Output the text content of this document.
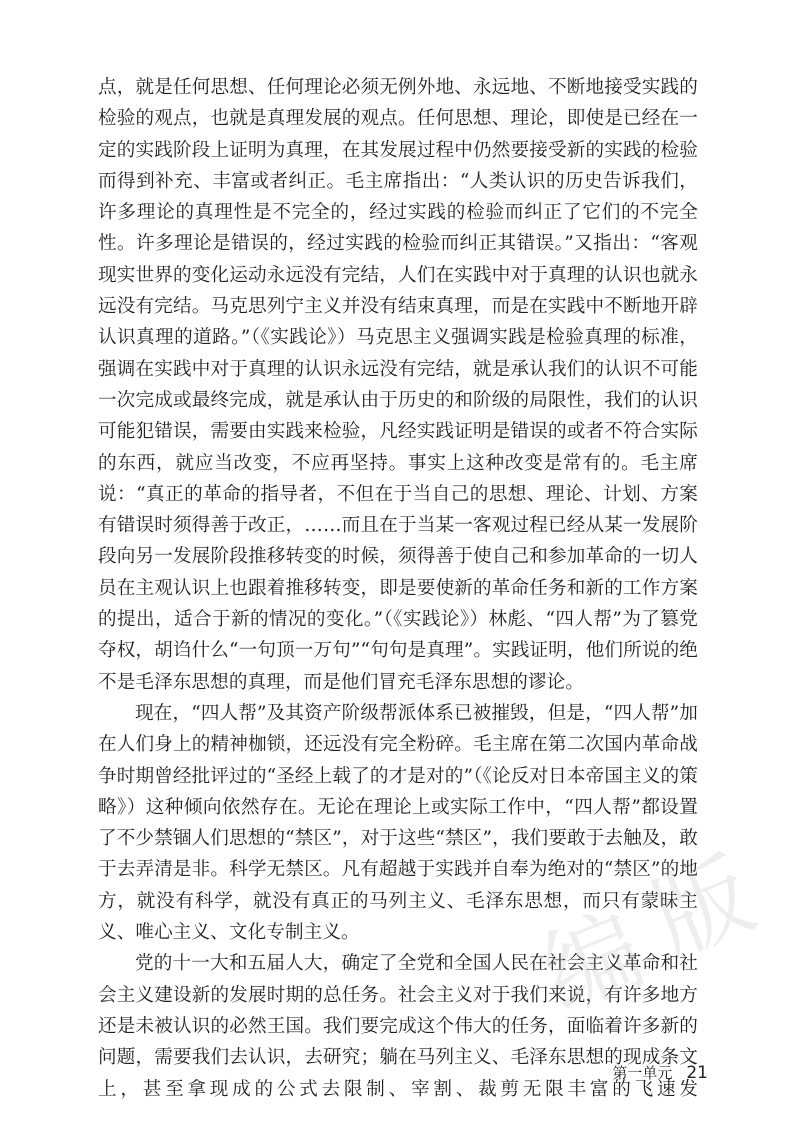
点，就是任何思想、任何理论必须无例外地、永远地、不断地接受实践的检验的观点，也就是真理发展的观点。任何思想、理论，即使是已经在一定的实践阶段上证明为真理，在其发展过程中仍然要接受新的实践的检验而得到补充、丰富或者纠正。毛主席指出：“人类认识的历史告诉我们，许多理论的真理性是不完全的，经过实践的检验而纠正了它们的不完全性。许多理论是错误的，经过实践的检验而纠正其错误。”又指出：“客观现实世界的变化运动永远没有完结，人们在实践中对于真理的认识也就永远没有完结。马克思列宁主义并没有结束真理，而是在实践中不断地开辟认识真理的道路。”（《实践论》）马克思主义强调实践是检验真理的标准，强调在实践中对于真理的认识永远没有完结，就是承认我们的认识不可能一次完成或最终完成，就是承认由于历史的和阶级的局限性，我们的认识可能犯错误，需要由实践来检验，凡经实践证明是错误的或者不符合实际的东西，就应当改变，不应再坚持。事实上这种改变是常有的。毛主席说：“真正的革命的指导者，不但在于当自己的思想、理论、计划、方案有错误时须得善于改正，……而且在于当某一客观过程已经从某一发展阶段向另一发展阶段推移转变的时候，须得善于使自己和参加革命的一切人员在主观认识上也跟着推移转变，即是要使新的革命任务和新的工作方案的提出，适合于新的情况的变化。”（《实践论》）林彪、“四人帮”为了篡党夺权，胡诌什么“一句顶一万句”“句句是真理”。实践证明，他们所说的绝不是毛泽东思想的真理，而是他们冒充毛泽东思想的谬论。

现在，“四人帮”及其资产阶级帮派体系已被摧毁，但是，“四人帮”加在人们身上的精神枷锁，还远没有完全粉碎。毛主席在第二次国内革命战争时期曾经批评过的“圣经上载了的才是对的”（《论反对日本帝国主义的策略》）这种倾向依然存在。无论在理论上或实际工作中，“四人帮”都设置了不少禁锢人们思想的“禁区”，对于这些“禁区”，我们要敢于去触及，敢于去弄清是非。科学无禁区。凡有超越于实践并自奉为绝对的“禁区”的地方，就没有科学，就没有真正的马列主义、毛泽东思想，而只有蒙昧主义、唯心主义、文化专制主义。

党的十一大和五届人大，确定了全党和全国人民在社会主义革命和社会主义建设新的发展时期的总任务。社会主义对于我们来说，有许多地方还是未被认识的必然王国。我们要完成这个伟大的任务，面临着许多新的问题，需要我们去认识，去研究；躺在马列主义、毛泽东思想的现成条文上，甚至拿现成的公式去限制、宰割、裁剪无限丰富的飞速发

编
版
第一单元 21
